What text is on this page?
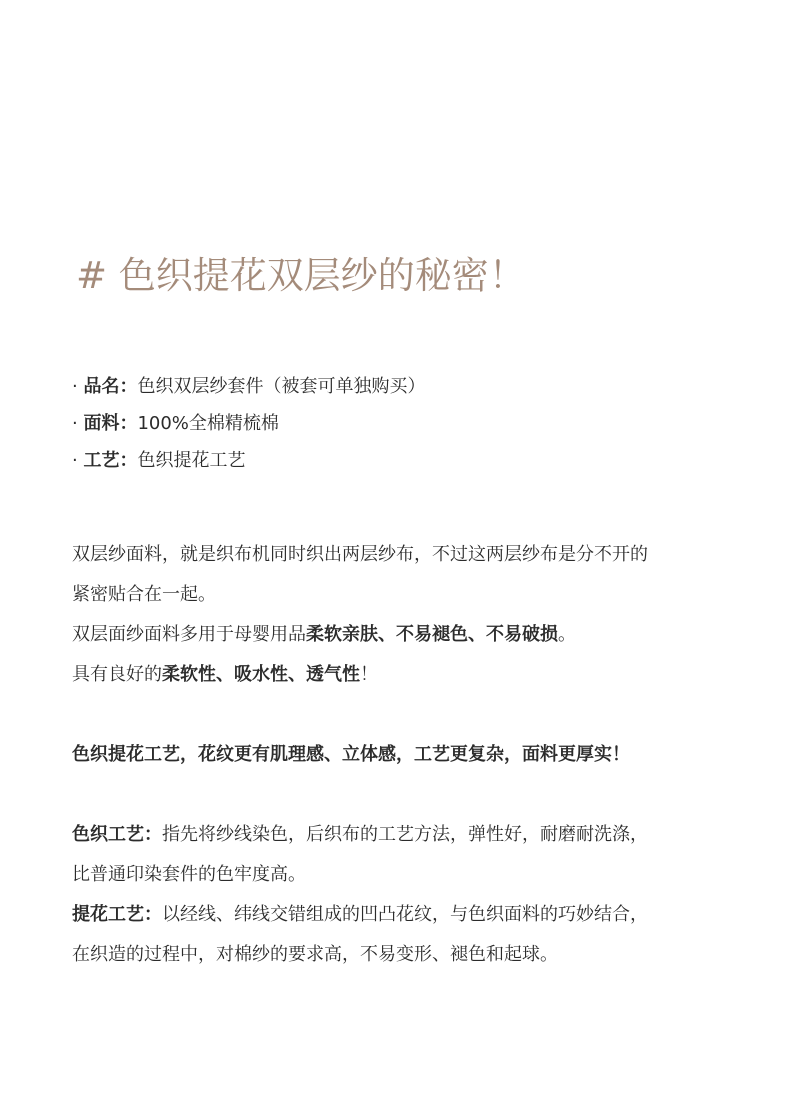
# 色织提花双层纱的秘密！
· 品名：色织双层纱套件（被套可单独购买）
· 面料：100%全棉精梳棉
· 工艺：色织提花工艺
双层纱面料，就是织布机同时织出两层纱布，不过这两层纱布是分不开的
紧密贴合在一起。
双层面纱面料多用于母婴用品柔软亲肤、不易褪色、不易破损。
具有良好的柔软性、吸水性、透气性！
色织提花工艺，花纹更有肌理感、立体感，工艺更复杂，面料更厚实！
色织工艺：指先将纱线染色，后织布的工艺方法，弹性好，耐磨耐洗涤，
比普通印染套件的色牢度高。
提花工艺：以经线、纬线交错组成的凹凸花纹，与色织面料的巧妙结合，
在织造的过程中，对棉纱的要求高，不易变形、褪色和起球。
